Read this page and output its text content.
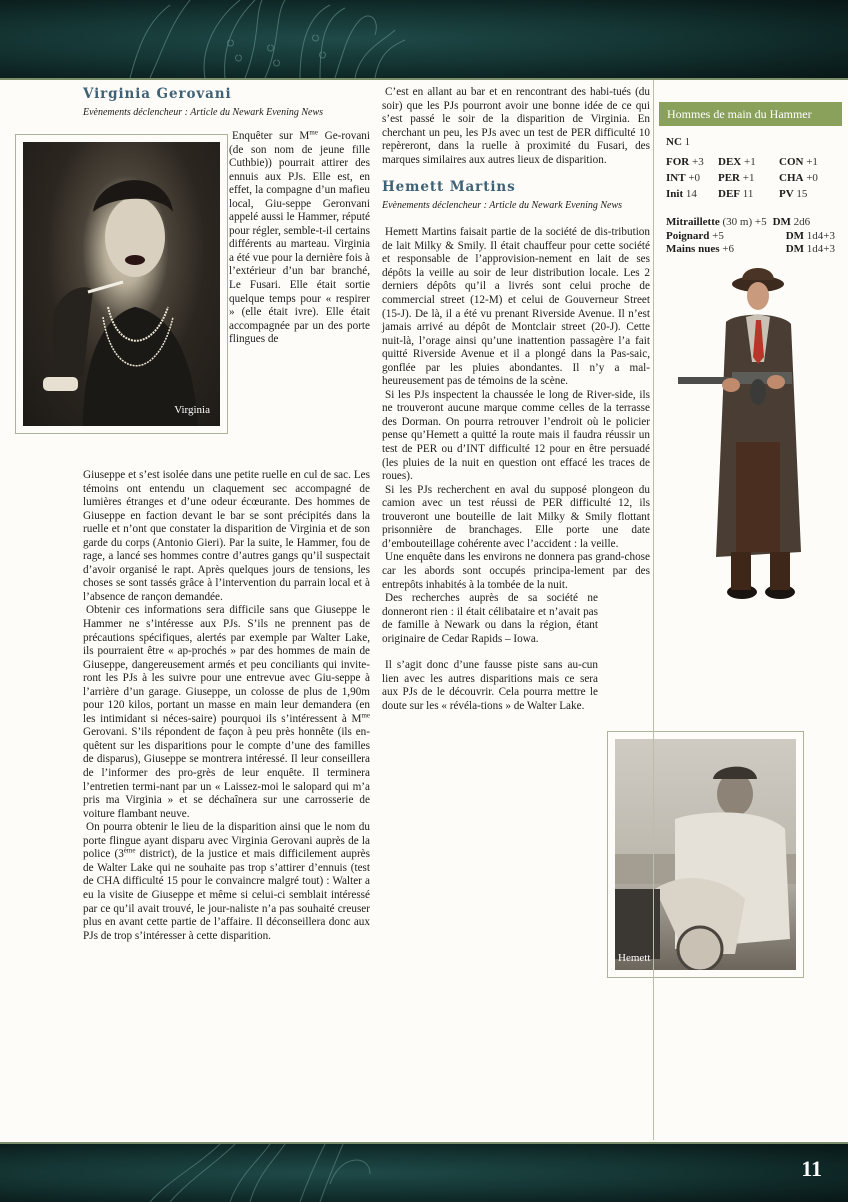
Virginia Gerovani
Evènements déclencheur : Article du Newark Evening News

Giuseppe et s’est isolée dans une petite ruelle en cul de sac. Les témoins ont entendu un claquement sec accompagné de lumières étranges et d’une odeur écœurante. Des hommes de Giuseppe en faction devant le bar se sont précipités dans la ruelle et n’ont que constater la disparition de Virginia et de son garde du corps (Antonio Gieri). Par la suite, le Hammer, fou de rage, a lancé ses hommes contre d’autres gangs qu’il suspectait d’avoir organisé le rapt. Après quelques jours de tensions, les choses se sont tassés grâce à l’intervention du parrain local et à l’absence de rançon demandée.

Obtenir ces informations sera difficile sans que Giuseppe le Hammer ne s’intéresse aux PJs. S’ils ne prennent pas de précautions spécifiques, alertés par exemple par Walter Lake, ils pourraient être « ap-prochés » par des hommes de main de Giuseppe, dangereusement armés et peu conciliants qui invite-ront les PJs à les suivre pour une entrevue avec Giu-seppe à l’arrière d’un garage. Giuseppe, un colosse de plus de 1,90m pour 120 kilos, portant un masse en main leur demandera (en les intimidant si néces-saire) pourquoi ils s’intéressent à $M^{me}$ Gerovani. S’ils répondent de façon à peu près honnête (ils en-quêtent sur les disparitions pour le compte d’une des familles de disparus), Giuseppe se montrera intéressé. Il leur conseillera de l’informer des pro-grès de leur enquête. Il terminera l’entretien termi-nant par un « Laissez-moi le salopard qui m’a pris ma Virginia » et se déchaînera sur une carrosserie de voiture flambant neuve.

On pourra obtenir le lieu de la disparition ainsi que le nom du porte flingue ayant disparu avec Virginia Gerovani auprès de la police (3ème district), de la justice et mais difficilement auprès de Walter Lake qui ne souhaite pas trop s’attirer d’ennuis (test de CHA difficulté 15 pour le convaincre malgré tout) : Walter a eu la visite de Giuseppe et même si celui-ci semblait intéressé par ce qu’il avait trouvé, le jour-naliste n’a pas souhaité creuser plus en avant cette partie de l’affaire. Il déconseillera donc aux PJs de trop s’intéresser à cette disparition.

Enquêter sur $M^{me}$ Ge-rovani (de son nom de jeune fille Cuthbie)) pourrait attirer des ennuis aux PJs. Elle est, en effet, la compagne d’un mafieu local, Giu-seppe Geronvani appelé aussi le Hammer, réputé pour régler, semble-t-il certains différents au marteau. Virginia a été vue pour la dernière fois à l’extérieur d’un bar branché, Le Fusari. Elle était sortie quelque temps pour « respirer » (elle était ivre). Elle était accompagnée par un des porte flingues de

Virginia

C’est en allant au bar et en rencontrant des habi-tués (du soir) que les PJs pourront avoir une bonne idée de ce qui s’est passé le soir de la disparition de Virginia. En cherchant un peu, les PJs avec un test de PER difficulté 10 repèreront, dans la ruelle à proximité du Fusari, des marques similaires aux autres lieux de disparition.

Hemett Martins
Evènements déclencheur : Article du Newark Evening News

Hemett Martins faisait partie de la société de dis-tribution de lait Milky & Smily. Il était chauffeur pour cette société et responsable de l’approvision-nement en lait de ses dépôts la veille au soir de leur distribution locale. Les 2 derniers dépôts qu’il a livrés sont celui proche de commercial street (12-M) et celui de Gouverneur Street (15-J). De là, il a été vu prenant Riverside Avenue. Il n’est jamais arrivé au dépôt de Montclair street (20-J). Cette nuit-là, l’orage ainsi qu’une inattention passagère l’a fait quitté Riverside Avenue et il a plongé dans la Pas-saic, gonflée par les pluies abondantes. Il n’y a mal-heureusement pas de témoins de la scène.

Si les PJs inspectent la chaussée le long de River-side, ils ne trouveront aucune marque comme celles de la terrasse des Dorman. On pourra retrouver l’endroit où le policier pense qu’Hemett a quitté la route mais il faudra réussir un test de PER ou d’INT difficulté 12 pour en être persuadé (les pluies de la nuit en question ont effacé les traces de roues).

Si les PJs recherchent en aval du supposé plongeon du camion avec un test réussi de PER difficulté 12, ils trouveront une bouteille de lait Milky & Smily flottant prisonnière de branchages. Elle porte une date d’embouteillage cohérente avec l’accident : la veille.

Une enquête dans les environs ne donnera pas grand-chose car les abords sont occupés principa-lement par des entrepôts inhabités à la tombée de la nuit.

Des recherches auprès de sa société ne donneront rien : il était célibataire et n’avait pas de famille à Newark ou dans la région, étant originaire de Cedar Rapids – Iowa.

Il s’agit donc d’une fausse piste sans au-cun lien avec les autres disparitions mais ce sera aux PJs de le découvrir. Cela pourra mettre le doute sur les « révéla-tions » de Walter Lake.

Hemett
Hommes de main du Hammer
NC
1
FOR +3	DEX +1	CON +1
INT +0	PER +1	CHA +0
Init 14	DEF 11	PV 15
Mitraillette (30 m) +5 DM 2d6
Poignard +5	DM 1d4+3
Mains nues +6	DM 1d4+3
11
